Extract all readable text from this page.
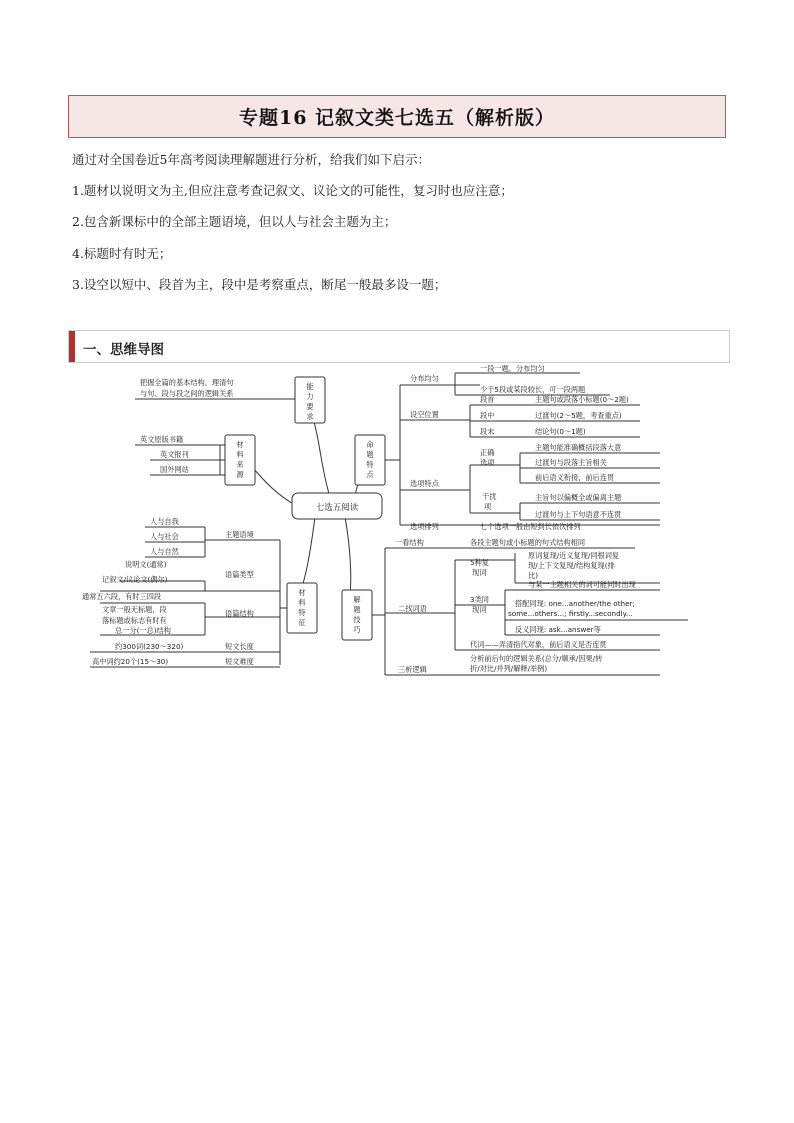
专题16 记叙文类七选五（解析版）
通过对全国卷近5年高考阅读理解题进行分析，给我们如下启示：
1.题材以说明文为主,但应注意考查记叙文、议论文的可能性，复习时也应注意；
2.包含新课标中的全部主题语境，但以人与社会主题为主；
4.标题时有时无；
3.设空以短中、段首为主，段中是考察重点，断尾一般最多设一题；
一、思维导图
能
力
要
求
把握全篇的基本结构，理清句
与句、段与段之间的逻辑关系
材
料
来
源
英文原版书籍
英文报刊
国外网站
七选五阅读
材
料
特
征
主题语境
人与自我
人与社会
人与自然
语篇类型
说明文(通常)
记叙文/议论文(偶尔)
语篇结构
通常五六段，有时三四段
文章一般无标题，段
落标题或标志有时有
总一分(一总)结构
短文长度
约300词(230～320)
短文难度
高中词约20个(15～30)
命
题
特
点
分布均匀
一段一题，分布均匀
少于5段或某段较长，可一段两题
设空位置
段首	主题句或段落小标题(0～2题)
段中	过渡句(2～5题，考查重点)
段末	结论句(0～1题)
选项特点
正确
选项
主题句能准确概括段落大意
过渡句与段落主旨相关
前后语义衔接，前后连贯
干扰
项
主旨句以偏概全或偏离主题
过渡句与上下句语意不连贯
选项排列	七个选项一般由短到长依次排列
解
题
技
巧
一看结构	各段主题句或小标题的句式结构相同
二找词语
5种复
现词
原词复现/近义复现/同根词复
现/上下文复现/结构复现(排
比)
3类同
现词
与某一主题相关的词可能同时出现
搭配同现: one...another/the other;
some...others...; firstly...secondly...
反义同现: ask...answer等
代词——弄清指代对象，前后语义是否连贯
三析逻辑
分析前后句的逻辑关系(总分/顺承/因果/转
折/对比/并列/解释/举例)
